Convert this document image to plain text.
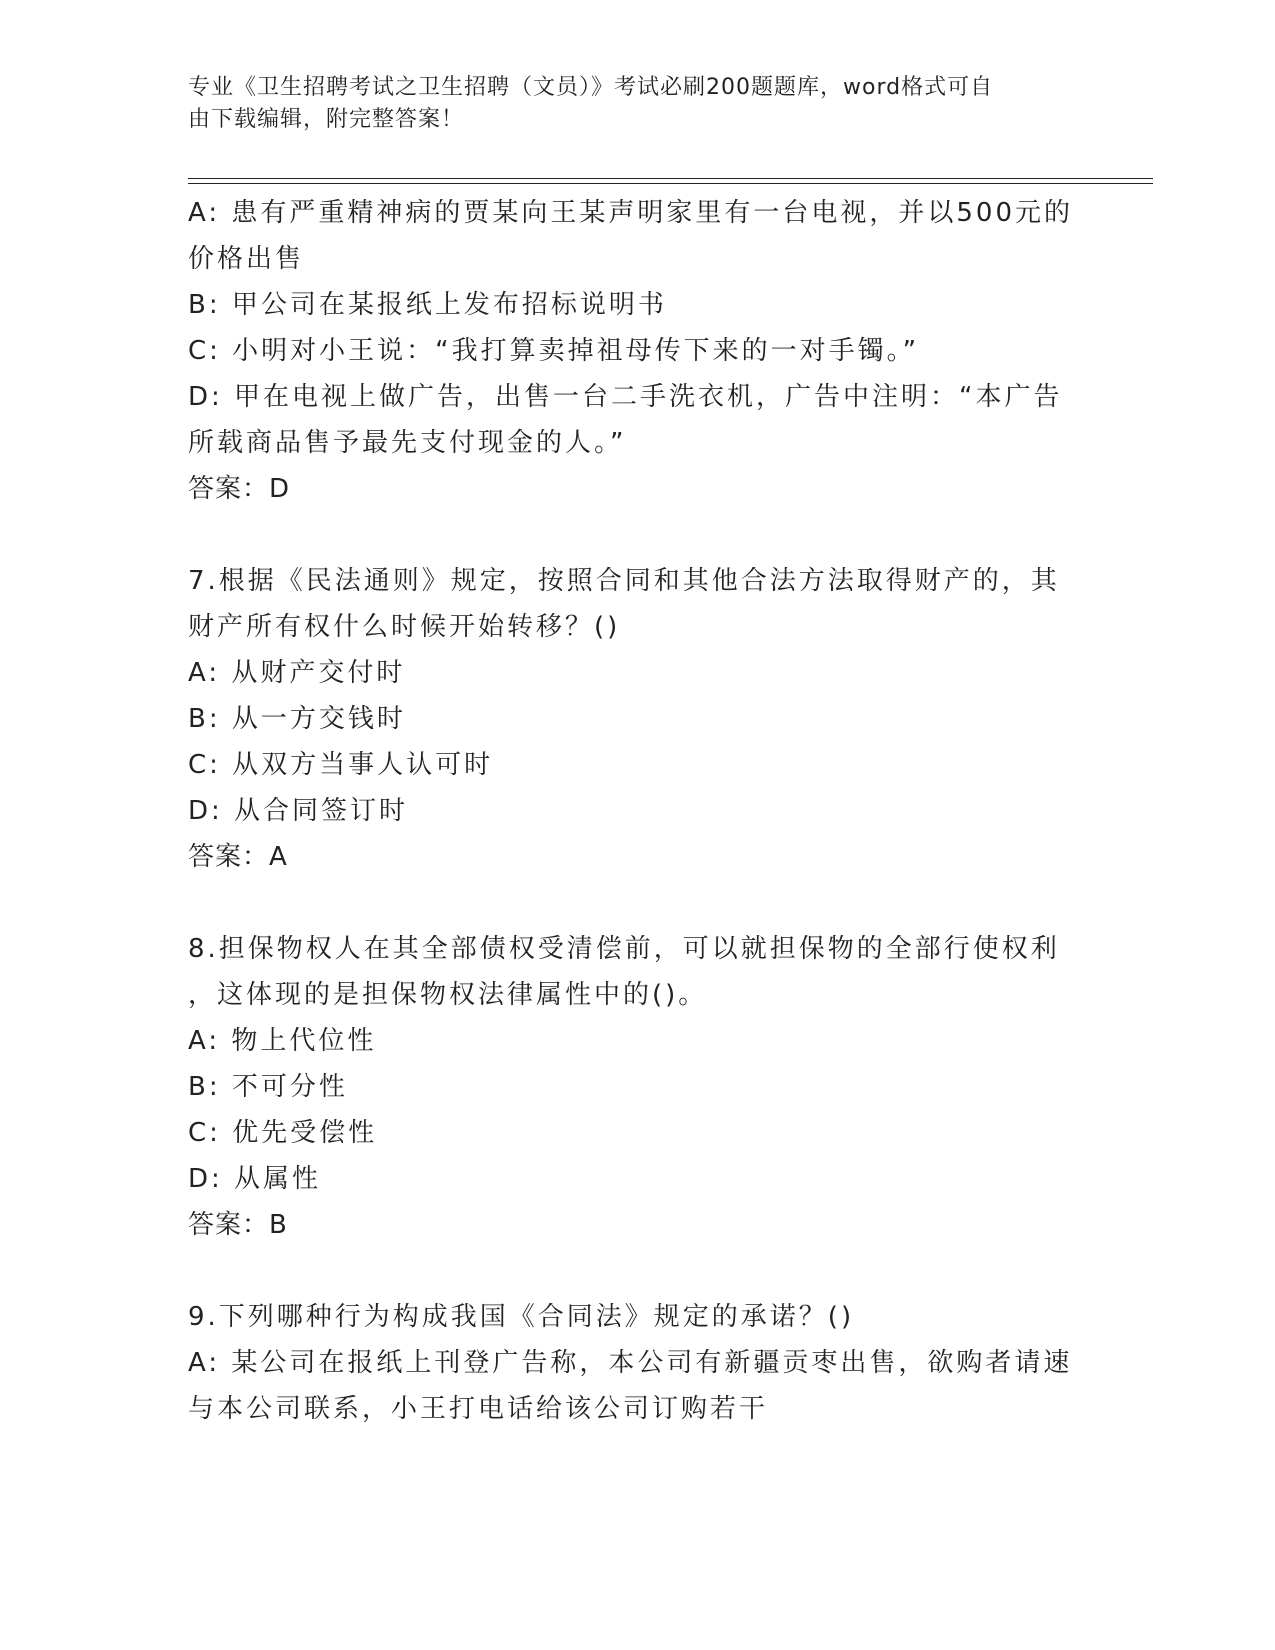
专业《卫生招聘考试之卫生招聘（文员）》考试必刷200题题库，word格式可自
由下载编辑，附完整答案！
A: 患有严重精神病的贾某向王某声明家里有一台电视，并以500元的
价格出售
B: 甲公司在某报纸上发布招标说明书
C: 小明对小王说：“我打算卖掉祖母传下来的一对手镯。”
D: 甲在电视上做广告，出售一台二手洗衣机，广告中注明：“本广告
所载商品售予最先支付现金的人。”
答案：D
7.根据《民法通则》规定，按照合同和其他合法方法取得财产的，其
财产所有权什么时候开始转移？()
A: 从财产交付时
B: 从一方交钱时
C: 从双方当事人认可时
D: 从合同签订时
答案：A
8.担保物权人在其全部债权受清偿前，可以就担保物的全部行使权利
，这体现的是担保物权法律属性中的()。
A: 物上代位性
B: 不可分性
C: 优先受偿性
D: 从属性
答案：B
9.下列哪种行为构成我国《合同法》规定的承诺？()
A: 某公司在报纸上刊登广告称，本公司有新疆贡枣出售，欲购者请速
与本公司联系，小王打电话给该公司订购若干
